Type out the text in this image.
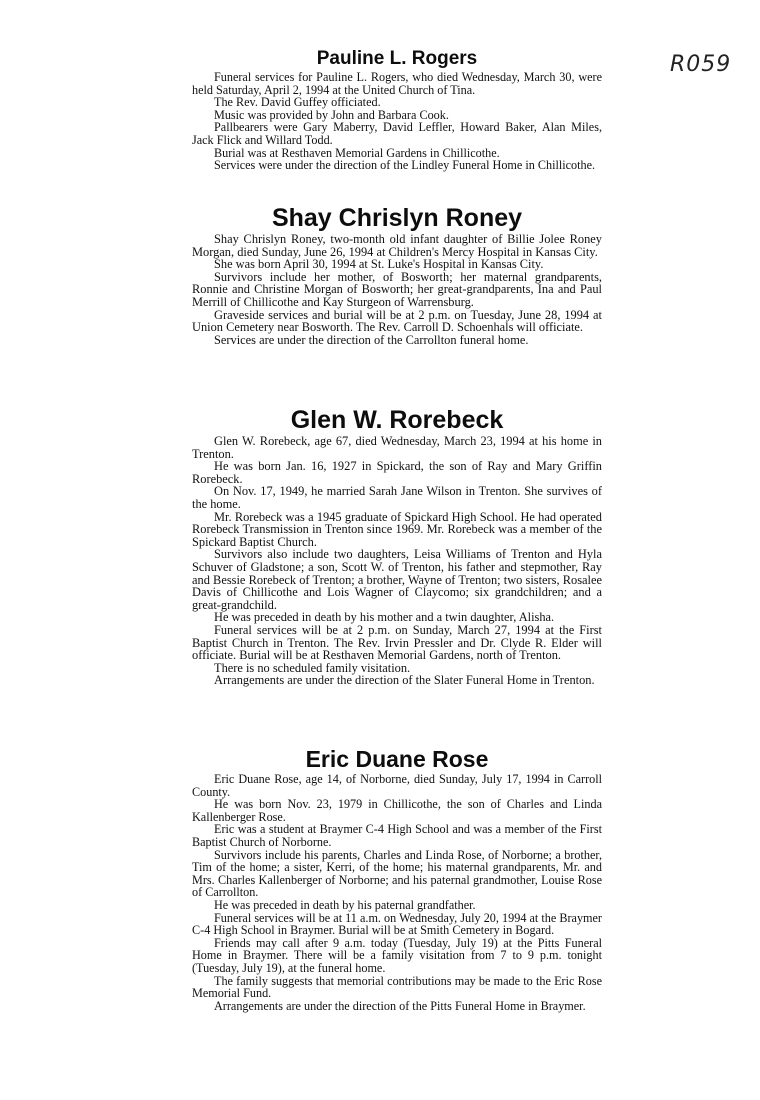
R059
Pauline L. Rogers

Funeral services for Pauline L. Rogers, who died Wednesday, March 30, were held Saturday, April 2, 1994 at the United Church of Tina.

The Rev. David Guffey officiated.

Music was provided by John and Barbara Cook.

Pallbearers were Gary Maberry, David Leffler, Howard Baker, Alan Miles, Jack Flick and Willard Todd.

Burial was at Resthaven Memorial Gardens in Chillicothe.

Services were under the direction of the Lindley Funeral Home in Chillicothe.

Shay Chrislyn Roney

Shay Chrislyn Roney, two-month old infant daughter of Billie Jolee Roney Morgan, died Sunday, June 26, 1994 at Children's Mercy Hospital in Kansas City.

She was born April 30, 1994 at St. Luke's Hospital in Kansas City.

Survivors include her mother, of Bosworth; her maternal grandparents, Ronnie and Christine Morgan of Bosworth; her great-grandparents, Ina and Paul Merrill of Chillicothe and Kay Sturgeon of Warrensburg.

Graveside services and burial will be at 2 p.m. on Tuesday, June 28, 1994 at Union Cemetery near Bosworth. The Rev. Carroll D. Schoenhals will officiate.

Services are under the direction of the Carrollton funeral home.

Glen W. Rorebeck

Glen W. Rorebeck, age 67, died Wednesday, March 23, 1994 at his home in Trenton.

He was born Jan. 16, 1927 in Spickard, the son of Ray and Mary Griffin Rorebeck.

On Nov. 17, 1949, he married Sarah Jane Wilson in Trenton. She survives of the home.

Mr. Rorebeck was a 1945 graduate of Spickard High School. He had operated Rorebeck Transmission in Trenton since 1969. Mr. Rorebeck was a member of the Spickard Baptist Church.

Survivors also include two daughters, Leisa Williams of Trenton and Hyla Schuver of Gladstone; a son, Scott W. of Trenton, his father and stepmother, Ray and Bessie Rorebeck of Trenton; a brother, Wayne of Trenton; two sisters, Rosalee Davis of Chillicothe and Lois Wagner of Claycomo; six grandchildren; and a great-grandchild.

He was preceded in death by his mother and a twin daughter, Alisha.

Funeral services will be at 2 p.m. on Sunday, March 27, 1994 at the First Baptist Church in Trenton. The Rev. Irvin Pressler and Dr. Clyde R. Elder will officiate. Burial will be at Resthaven Memorial Gardens, north of Trenton.

There is no scheduled family visitation.

Arrangements are under the direction of the Slater Funeral Home in Trenton.

Eric Duane Rose

Eric Duane Rose, age 14, of Norborne, died Sunday, July 17, 1994 in Carroll County.

He was born Nov. 23, 1979 in Chillicothe, the son of Charles and Linda Kallenberger Rose.

Eric was a student at Braymer C-4 High School and was a member of the First Baptist Church of Norborne.

Survivors include his parents, Charles and Linda Rose, of Norborne; a brother, Tim of the home; a sister, Kerri, of the home; his maternal grandparents, Mr. and Mrs. Charles Kallenberger of Norborne; and his paternal grandmother, Louise Rose of Carrollton.

He was preceded in death by his paternal grandfather.

Funeral services will be at 11 a.m. on Wednesday, July 20, 1994 at the Braymer C-4 High School in Braymer. Burial will be at Smith Cemetery in Bogard.

Friends may call after 9 a.m. today (Tuesday, July 19) at the Pitts Funeral Home in Braymer. There will be a family visitation from 7 to 9 p.m. tonight (Tuesday, July 19), at the funeral home.

The family suggests that memorial contributions may be made to the Eric Rose Memorial Fund.

Arrangements are under the direction of the Pitts Funeral Home in Braymer.
